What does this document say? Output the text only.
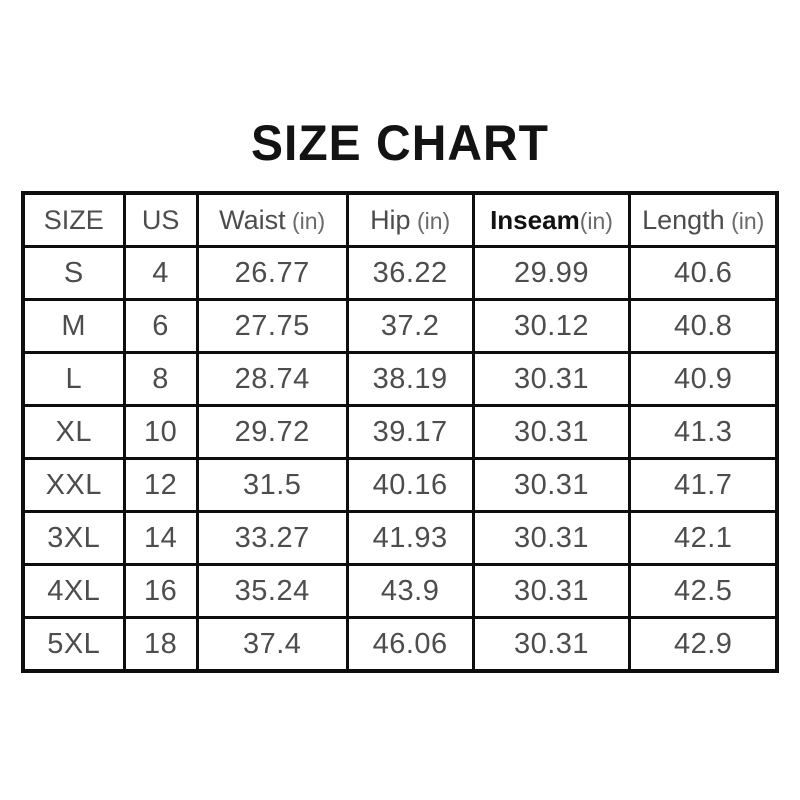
SIZE CHART
SIZE	US	Waist (in)	Hip (in)	Inseam(in)	Length (in)
S	4	26.77	36.22	29.99	40.6
M	6	27.75	37.2	30.12	40.8
L	8	28.74	38.19	30.31	40.9
XL	10	29.72	39.17	30.31	41.3
XXL	12	31.5	40.16	30.31	41.7
3XL	14	33.27	41.93	30.31	42.1
4XL	16	35.24	43.9	30.31	42.5
5XL	18	37.4	46.06	30.31	42.9
